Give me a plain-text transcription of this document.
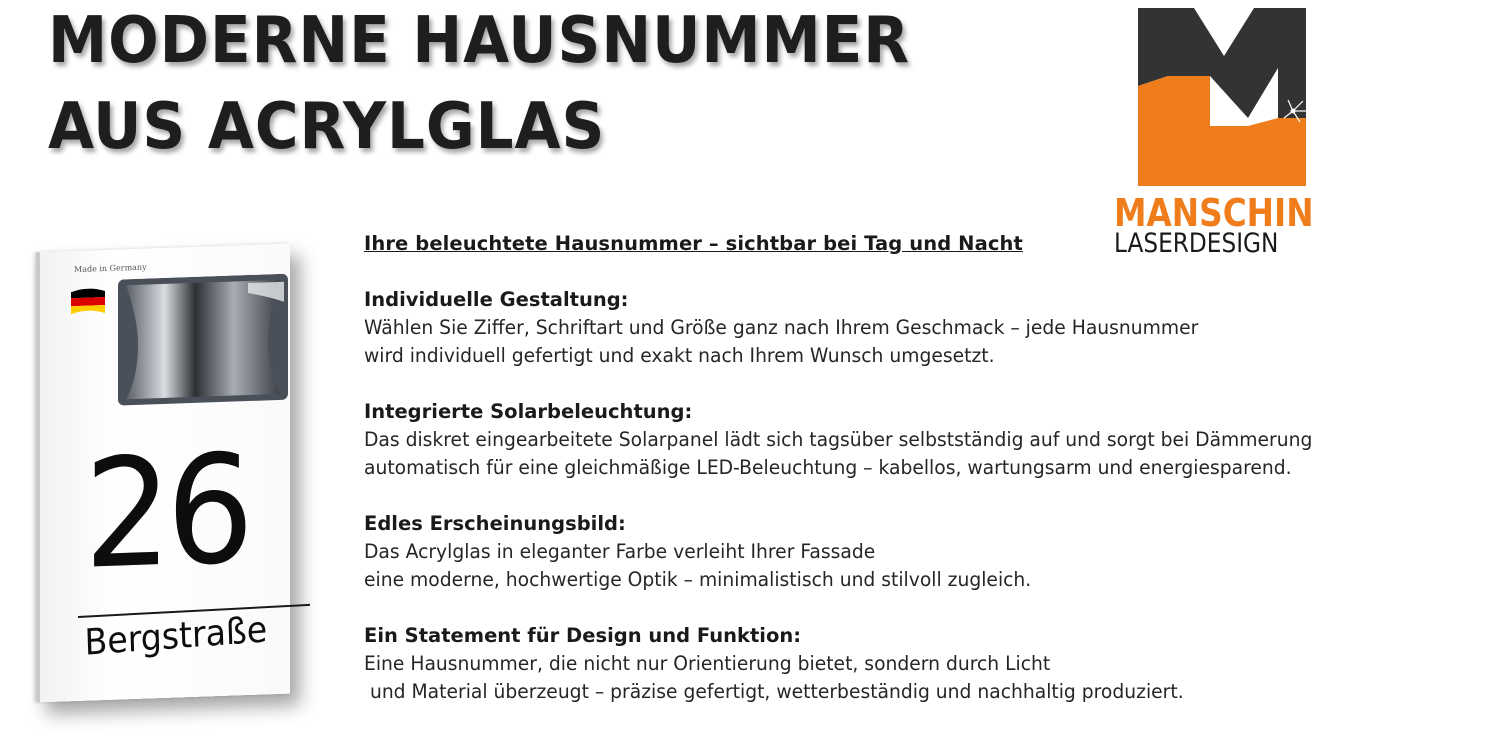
MODERNE HAUSNUMMER
AUS ACRYLGLAS
MANSCHIN
LASERDESIGN
Made in Germany
26
Bergstraße
Ihre beleuchtete Hausnummer – sichtbar bei Tag und Nacht
Individuelle Gestaltung:
Wählen Sie Ziffer, Schriftart und Größe ganz nach Ihrem Geschmack – jede Hausnummer
wird individuell gefertigt und exakt nach Ihrem Wunsch umgesetzt.
Integrierte Solarbeleuchtung:
Das diskret eingearbeitete Solarpanel lädt sich tagsüber selbstständig auf und sorgt bei Dämmerung
automatisch für eine gleichmäßige LED-Beleuchtung – kabellos, wartungsarm und energiesparend.
Edles Erscheinungsbild:
Das Acrylglas in eleganter Farbe verleiht Ihrer Fassade
eine moderne, hochwertige Optik – minimalistisch und stilvoll zugleich.
Ein Statement für Design und Funktion:
Eine Hausnummer, die nicht nur Orientierung bietet, sondern durch Licht
und Material überzeugt – präzise gefertigt, wetterbeständig und nachhaltig produziert.
